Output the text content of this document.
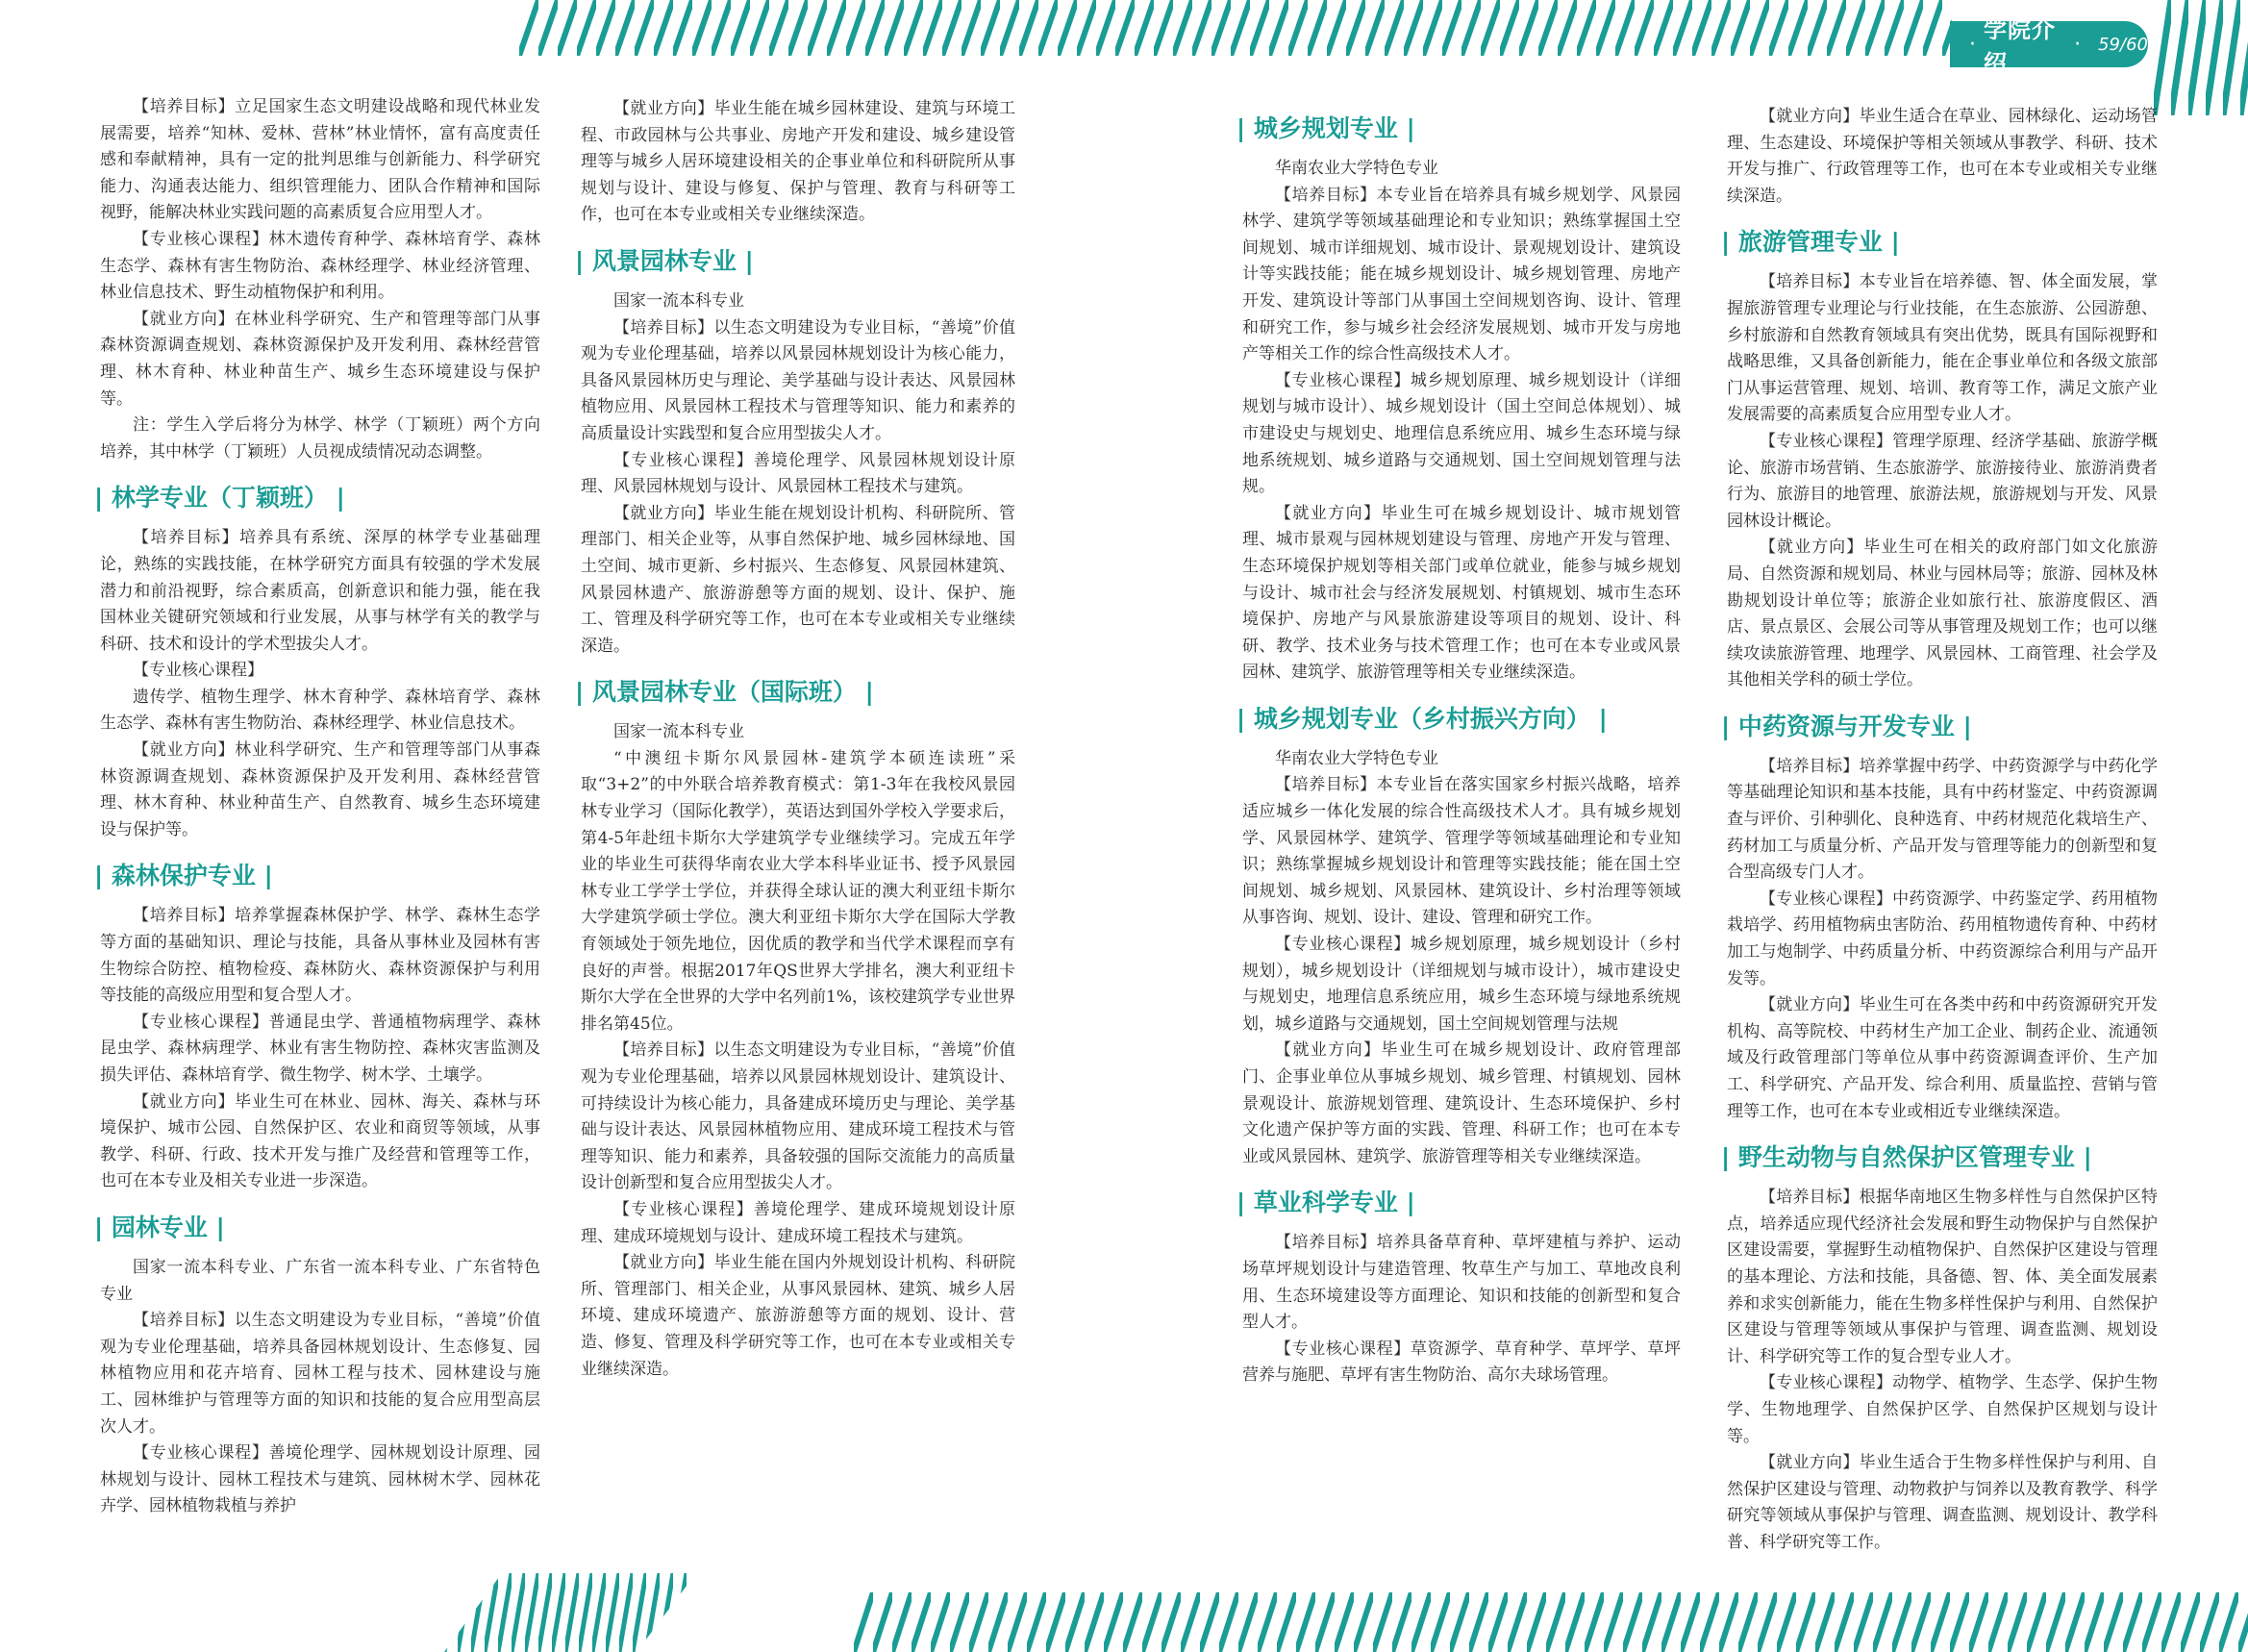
·
学院介绍
· 59/60

【培养目标】立足国家生态文明建设战略和现代林业发展需要，培养“知林、爱林、营林”林业情怀，富有高度责任感和奉献精神，具有一定的批判思维与创新能力、科学研究能力、沟通表达能力、组织管理能力、团队合作精神和国际视野，能解决林业实践问题的高素质复合应用型人才。

【专业核心课程】林木遗传育种学、森林培育学、森林生态学、森林有害生物防治、森林经理学、林业经济管理、林业信息技术、野生动植物保护和利用。

【就业方向】在林业科学研究、生产和管理等部门从事森林资源调查规划、森林资源保护及开发利用、森林经营管理、林木育种、林业种苗生产、城乡生态环境建设与保护等。

注：学生入学后将分为林学、林学（丁颖班）两个方向培养，其中林学（丁颖班）人员视成绩情况动态调整。

| 林学专业（丁颖班） |

【培养目标】培养具有系统、深厚的林学专业基础理论，熟练的实践技能，在林学研究方面具有较强的学术发展潜力和前沿视野，综合素质高，创新意识和能力强，能在我国林业关键研究领域和行业发展，从事与林学有关的教学与科研、技术和设计的学术型拔尖人才。

【专业核心课程】

遗传学、植物生理学、林木育种学、森林培育学、森林生态学、森林有害生物防治、森林经理学、林业信息技术。

【就业方向】林业科学研究、生产和管理等部门从事森林资源调查规划、森林资源保护及开发利用、森林经营管理、林木育种、林业种苗生产、自然教育、城乡生态环境建设与保护等。

| 森林保护专业 |

【培养目标】培养掌握森林保护学、林学、森林生态学等方面的基础知识、理论与技能，具备从事林业及园林有害生物综合防控、植物检疫、森林防火、森林资源保护与利用等技能的高级应用型和复合型人才。

【专业核心课程】普通昆虫学、普通植物病理学、森林昆虫学、森林病理学、林业有害生物防控、森林灾害监测及损失评估、森林培育学、微生物学、树木学、土壤学。

【就业方向】毕业生可在林业、园林、海关、森林与环境保护、城市公园、自然保护区、农业和商贸等领域，从事教学、科研、行政、技术开发与推广及经营和管理等工作，也可在本专业及相关专业进一步深造。

| 园林专业 |

国家一流本科专业、广东省一流本科专业、广东省特色专业

【培养目标】以生态文明建设为专业目标，“善境”价值观为专业伦理基础，培养具备园林规划设计、生态修复、园林植物应用和花卉培育、园林工程与技术、园林建设与施工、园林维护与管理等方面的知识和技能的复合应用型高层次人才。

【专业核心课程】善境伦理学、园林规划设计原理、园林规划与设计、园林工程技术与建筑、园林树木学、园林花卉学、园林植物栽植与养护

【就业方向】毕业生能在城乡园林建设、建筑与环境工程、市政园林与公共事业、房地产开发和建设、城乡建设管理等与城乡人居环境建设相关的企事业单位和科研院所从事规划与设计、建设与修复、保护与管理、教育与科研等工作，也可在本专业或相关专业继续深造。

| 风景园林专业 |

国家一流本科专业

【培养目标】以生态文明建设为专业目标，“善境”价值观为专业伦理基础，培养以风景园林规划设计为核心能力，具备风景园林历史与理论、美学基础与设计表达、风景园林植物应用、风景园林工程技术与管理等知识、能力和素养的高质量设计实践型和复合应用型拔尖人才。

【专业核心课程】善境伦理学、风景园林规划设计原理、风景园林规划与设计、风景园林工程技术与建筑。

【就业方向】毕业生能在规划设计机构、科研院所、管理部门、相关企业等，从事自然保护地、城乡园林绿地、国土空间、城市更新、乡村振兴、生态修复、风景园林建筑、风景园林遗产、旅游游憩等方面的规划、设计、保护、施工、管理及科学研究等工作，也可在本专业或相关专业继续深造。

| 风景园林专业（国际班） |

国家一流本科专业

“中澳纽卡斯尔风景园林-建筑学本硕连读班”采取“3+2”的中外联合培养教育模式：第1-3年在我校风景园林专业学习（国际化教学），英语达到国外学校入学要求后，第4-5年赴纽卡斯尔大学建筑学专业继续学习。完成五年学业的毕业生可获得华南农业大学本科毕业证书、授予风景园林专业工学学士学位，并获得全球认证的澳大利亚纽卡斯尔大学建筑学硕士学位。澳大利亚纽卡斯尔大学在国际大学教育领域处于领先地位，因优质的教学和当代学术课程而享有良好的声誉。根据2017年QS世界大学排名，澳大利亚纽卡斯尔大学在全世界的大学中名列前1%，该校建筑学专业世界排名第45位。

【培养目标】以生态文明建设为专业目标，“善境”价值观为专业伦理基础，培养以风景园林规划设计、建筑设计、可持续设计为核心能力，具备建成环境历史与理论、美学基础与设计表达、风景园林植物应用、建成环境工程技术与管理等知识、能力和素养，具备较强的国际交流能力的高质量设计创新型和复合应用型拔尖人才。

【专业核心课程】善境伦理学、建成环境规划设计原理、建成环境规划与设计、建成环境工程技术与建筑。

【就业方向】毕业生能在国内外规划设计机构、科研院所、管理部门、相关企业，从事风景园林、建筑、城乡人居环境、建成环境遗产、旅游游憩等方面的规划、设计、营造、修复、管理及科学研究等工作，也可在本专业或相关专业继续深造。

| 城乡规划专业 |

华南农业大学特色专业

【培养目标】本专业旨在培养具有城乡规划学、风景园林学、建筑学等领域基础理论和专业知识；熟练掌握国土空间规划、城市详细规划、城市设计、景观规划设计、建筑设计等实践技能；能在城乡规划设计、城乡规划管理、房地产开发、建筑设计等部门从事国土空间规划咨询、设计、管理和研究工作，参与城乡社会经济发展规划、城市开发与房地产等相关工作的综合性高级技术人才。

【专业核心课程】城乡规划原理、城乡规划设计（详细规划与城市设计）、城乡规划设计（国土空间总体规划）、城市建设史与规划史、地理信息系统应用、城乡生态环境与绿地系统规划、城乡道路与交通规划、国土空间规划管理与法规。

【就业方向】毕业生可在城乡规划设计、城市规划管理、城市景观与园林规划建设与管理、房地产开发与管理、生态环境保护规划等相关部门或单位就业，能参与城乡规划与设计、城市社会与经济发展规划、村镇规划、城市生态环境保护、房地产与风景旅游建设等项目的规划、设计、科研、教学、技术业务与技术管理工作；也可在本专业或风景园林、建筑学、旅游管理等相关专业继续深造。

| 城乡规划专业（乡村振兴方向） |

华南农业大学特色专业

【培养目标】本专业旨在落实国家乡村振兴战略，培养适应城乡一体化发展的综合性高级技术人才。具有城乡规划学、风景园林学、建筑学、管理学等领域基础理论和专业知识；熟练掌握城乡规划设计和管理等实践技能；能在国土空间规划、城乡规划、风景园林、建筑设计、乡村治理等领域从事咨询、规划、设计、建设、管理和研究工作。

【专业核心课程】城乡规划原理，城乡规划设计（乡村规划），城乡规划设计（详细规划与城市设计），城市建设史与规划史，地理信息系统应用，城乡生态环境与绿地系统规划，城乡道路与交通规划，国土空间规划管理与法规

【就业方向】毕业生可在城乡规划设计、政府管理部门、企事业单位从事城乡规划、城乡管理、村镇规划、园林景观设计、旅游规划管理、建筑设计、生态环境保护、乡村文化遗产保护等方面的实践、管理、科研工作；也可在本专业或风景园林、建筑学、旅游管理等相关专业继续深造。

| 草业科学专业 |

【培养目标】培养具备草育种、草坪建植与养护、运动场草坪规划设计与建造管理、牧草生产与加工、草地改良利用、生态环境建设等方面理论、知识和技能的创新型和复合型人才。

【专业核心课程】草资源学、草育种学、草坪学、草坪营养与施肥、草坪有害生物防治、高尔夫球场管理。

【就业方向】毕业生适合在草业、园林绿化、运动场管理、生态建设、环境保护等相关领域从事教学、科研、技术开发与推广、行政管理等工作，也可在本专业或相关专业继续深造。

| 旅游管理专业 |

【培养目标】本专业旨在培养德、智、体全面发展，掌握旅游管理专业理论与行业技能，在生态旅游、公园游憩、乡村旅游和自然教育领域具有突出优势，既具有国际视野和战略思维，又具备创新能力，能在企事业单位和各级文旅部门从事运营管理、规划、培训、教育等工作，满足文旅产业发展需要的高素质复合应用型专业人才。

【专业核心课程】管理学原理、经济学基础、旅游学概论、旅游市场营销、生态旅游学、旅游接待业、旅游消费者行为、旅游目的地管理、旅游法规，旅游规划与开发、风景园林设计概论。

【就业方向】毕业生可在相关的政府部门如文化旅游局、自然资源和规划局、林业与园林局等；旅游、园林及林勘规划设计单位等；旅游企业如旅行社、旅游度假区、酒店、景点景区、会展公司等从事管理及规划工作；也可以继续攻读旅游管理、地理学、风景园林、工商管理、社会学及其他相关学科的硕士学位。

| 中药资源与开发专业 |

【培养目标】培养掌握中药学、中药资源学与中药化学等基础理论知识和基本技能，具有中药材鉴定、中药资源调查与评价、引种驯化、良种选育、中药材规范化栽培生产、药材加工与质量分析、产品开发与管理等能力的创新型和复合型高级专门人才。

【专业核心课程】中药资源学、中药鉴定学、药用植物栽培学、药用植物病虫害防治、药用植物遗传育种、中药材加工与炮制学、中药质量分析、中药资源综合利用与产品开发等。

【就业方向】毕业生可在各类中药和中药资源研究开发机构、高等院校、中药材生产加工企业、制药企业、流通领域及行政管理部门等单位从事中药资源调查评价、生产加工、科学研究、产品开发、综合利用、质量监控、营销与管理等工作，也可在本专业或相近专业继续深造。

| 野生动物与自然保护区管理专业 |

【培养目标】根据华南地区生物多样性与自然保护区特点，培养适应现代经济社会发展和野生动物保护与自然保护区建设需要，掌握野生动植物保护、自然保护区建设与管理的基本理论、方法和技能，具备德、智、体、美全面发展素养和求实创新能力，能在生物多样性保护与利用、自然保护区建设与管理等领域从事保护与管理、调查监测、规划设计、科学研究等工作的复合型专业人才。

【专业核心课程】动物学、植物学、生态学、保护生物学、生物地理学、自然保护区学、自然保护区规划与设计等。

【就业方向】毕业生适合于生物多样性保护与利用、自然保护区建设与管理、动物救护与饲养以及教育教学、科学研究等领域从事保护与管理、调查监测、规划设计、教学科普、科学研究等工作。
